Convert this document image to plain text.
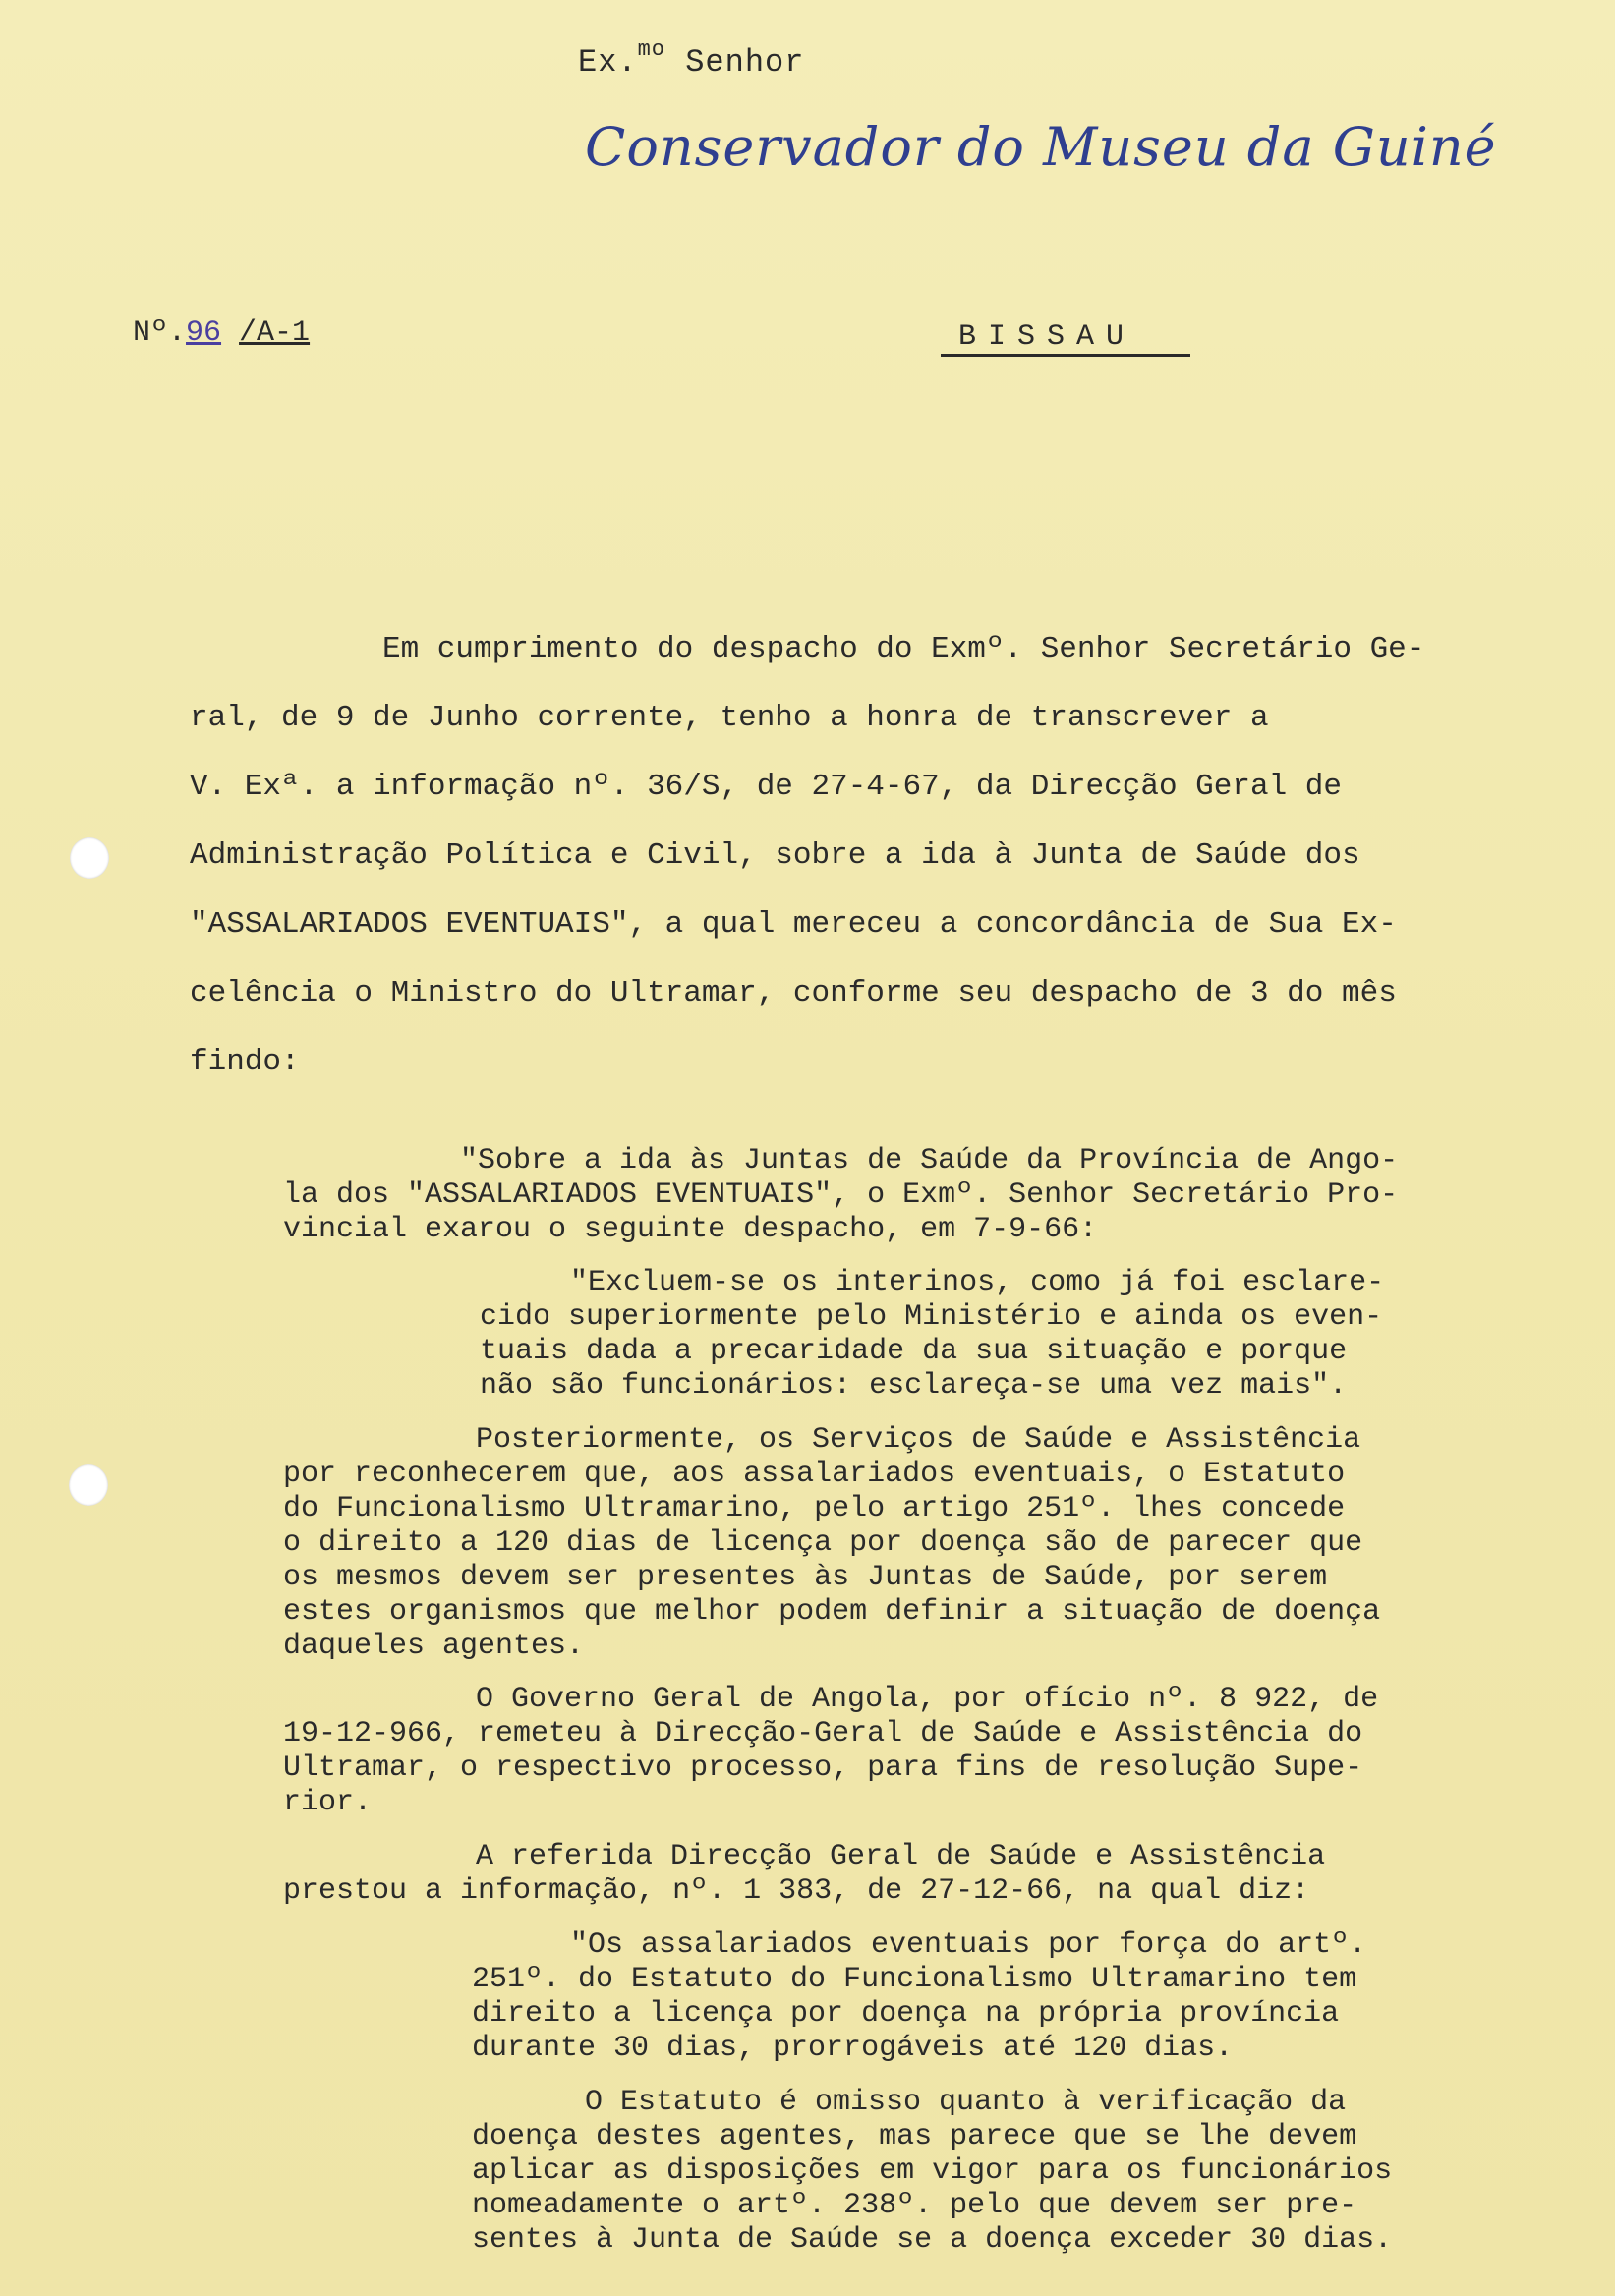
Ex.$^{mo}$ Senhor
Conservador do Museu da Guiné
Nº.96 /A-1	BISSAU
Em cumprimento do despacho do Exmº. Senhor Secretário Ge-
ral, de 9 de Junho corrente, tenho a honra de transcrever a
V. Exª. a informação nº. 36/S, de 27-4-67, da Direcção Geral de
Administração Política e Civil, sobre a ida à Junta de Saúde dos
"ASSALARIADOS EVENTUAIS", a qual mereceu a concordância de Sua Ex-
celência o Ministro do Ultramar, conforme seu despacho de 3 do mês
findo:
"Sobre a ida às Juntas de Saúde da Província de Ango-
la dos "ASSALARIADOS EVENTUAIS", o Exmº. Senhor Secretário Pro-
vincial exarou o seguinte despacho, em 7-9-66:
"Excluem-se os interinos, como já foi esclare-
cido superiormente pelo Ministério e ainda os even-
tuais dada a precaridade da sua situação e porque
não são funcionários: esclareça-se uma vez mais".
Posteriormente, os Serviços de Saúde e Assistência
por reconhecerem que, aos assalariados eventuais, o Estatuto
do Funcionalismo Ultramarino, pelo artigo 251º. lhes concede
o direito a 120 dias de licença por doença são de parecer que
os mesmos devem ser presentes às Juntas de Saúde, por serem
estes organismos que melhor podem definir a situação de doença
daqueles agentes.
O Governo Geral de Angola, por ofício nº. 8 922, de
19-12-966, remeteu à Direcção-Geral de Saúde e Assistência do
Ultramar, o respectivo processo, para fins de resolução Supe-
rior.
A referida Direcção Geral de Saúde e Assistência
prestou a informação, nº. 1 383, de 27-12-66, na qual diz:
"Os assalariados eventuais por força do artº.
251º. do Estatuto do Funcionalismo Ultramarino tem
direito a licença por doença na própria província
durante 30 dias, prorrogáveis até 120 dias.
O Estatuto é omisso quanto à verificação da
doença destes agentes, mas parece que se lhe devem
aplicar as disposições em vigor para os funcionários
nomeadamente o artº. 238º. pelo que devem ser pre-
sentes à Junta de Saúde se a doença exceder 30 dias.
